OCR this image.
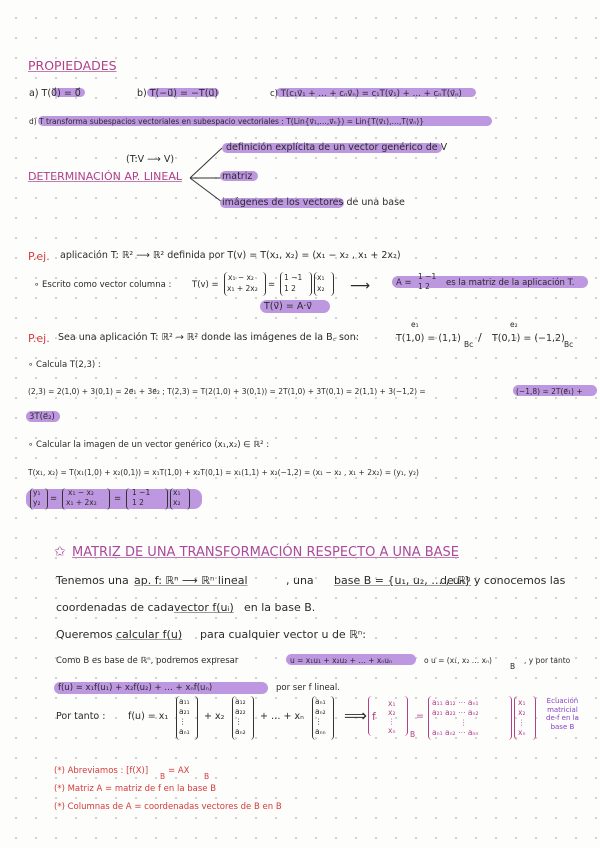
PROPIEDADES
a) T(0⃗) = 0⃗	b) T(−u⃗) = −T(u⃗)	c) T(c₁v⃗₁ + … + cₙv⃗ₙ) = c₁T(v⃗₁) + … + cₙT(v⃗ₙ)
d) T transforma subespacios vectoriales en subespacio vectoriales : T(Lin{v⃗₁,…,v⃗ₙ}) = Lin{T(v⃗₁),…,T(v⃗ₙ)}
(T:V ⟶ V)
DETERMINACIÓN AP. LINEAL
definición explícita de un vector genérico de V
matriz
imágenes de los vectores de una base
P.ej. aplicación T: ℝ² ⟶ ℝ² definida por T(v) = T(x₁, x₂) = (x₁ − x₂ , x₁ + 2x₂)
∘ Escrito como vector columna : T(v) =
x₁ − x₂
x₁ + 2x₂ =
1 −1
1 2
x₁
x₂ ⟶	A =
1 −1
1 2 es la matriz de la aplicación T.
T(v⃗) = A·v⃗
e₁	e₂
P.ej. Sea una aplicación T: ℝ² → ℝ² donde las imágenes de la B꜀ son:	T(1,0) = (1,1)
Bc
/ T(0,1) = (−1,2)
Bc
∘ Calcula T(2,3) :
(2,3) = 2(1,0) + 3(0,1) = 2e⃗₁ + 3e⃗₂ ; T(2,3) = T(2(1,0) + 3(0,1)) = 2T(1,0) + 3T(0,1) = 2(1,1) + 3(−1,2) =	(−1,8) = 2T(e⃗₁) +
3T(e⃗₂)
∘ Calcular la imagen de un vector genérico (x₁,x₂) ∈ ℝ² :
T(x₁, x₂) = T(x₁(1,0) + x₂(0,1)) = x₁T(1,0) + x₂T(0,1) = x₁(1,1) + x₂(−1,2) = (x₁ − x₂ , x₁ + 2x₂) = (y₁, y₂)
y₁
y₂ =
x₁ − x₂
x₁ + 2x₂ =
1 −1
1 2
x₁
x₂
✩ MATRIZ DE UNA TRANSFORMACIÓN RESPECTO A UNA BASE
Tenemos una ap. f: ℝⁿ ⟶ ℝⁿ lineal	, una base B = {u₁, u₂, … , uₙ}
de ℝⁿ y conocemos las
coordenadas de cada vector f(uᵢ) en la base B.
Queremos calcular f(u) para cualquier vector u de ℝⁿ:
Como B es base de ℝⁿ, podremos expresar	u = x₁u₁ + x₂u₂ + … + xₙuₙ	o u = (x₁, x₂ … xₙ)
B
, y por tanto
f(u) = x₁f(u₁) + x₂f(u₂) + … + xₙf(uₙ)	por ser f lineal.
Por tanto : f(u) = x₁
a₁₁
a₂₁
⋮
aₙ₁
+ x₂
a₁₂
a₂₂
⋮
aₙ₂
+ … + xₙ
aₙ₁
aₙ₂
⋮
aₙₙ
⟹ f
x₁
x₂
⋮
xₙ B
=
a₁₁ a₁₂ ⋯ aₙ₁
a₂₁ a₂₂ ⋯ aₙ₂
⋮
aₙ₁ aₙ₂ ⋯ aₙₙ
x₁
x₂
⋮
xₙ
Ecuación
matricial
de f en la
base B
(*) Abreviamos : [f(X)]
B
= AX
B
(*) Matriz A = matriz de f en la base B
(*) Columnas de A = coordenadas vectores de B en B
